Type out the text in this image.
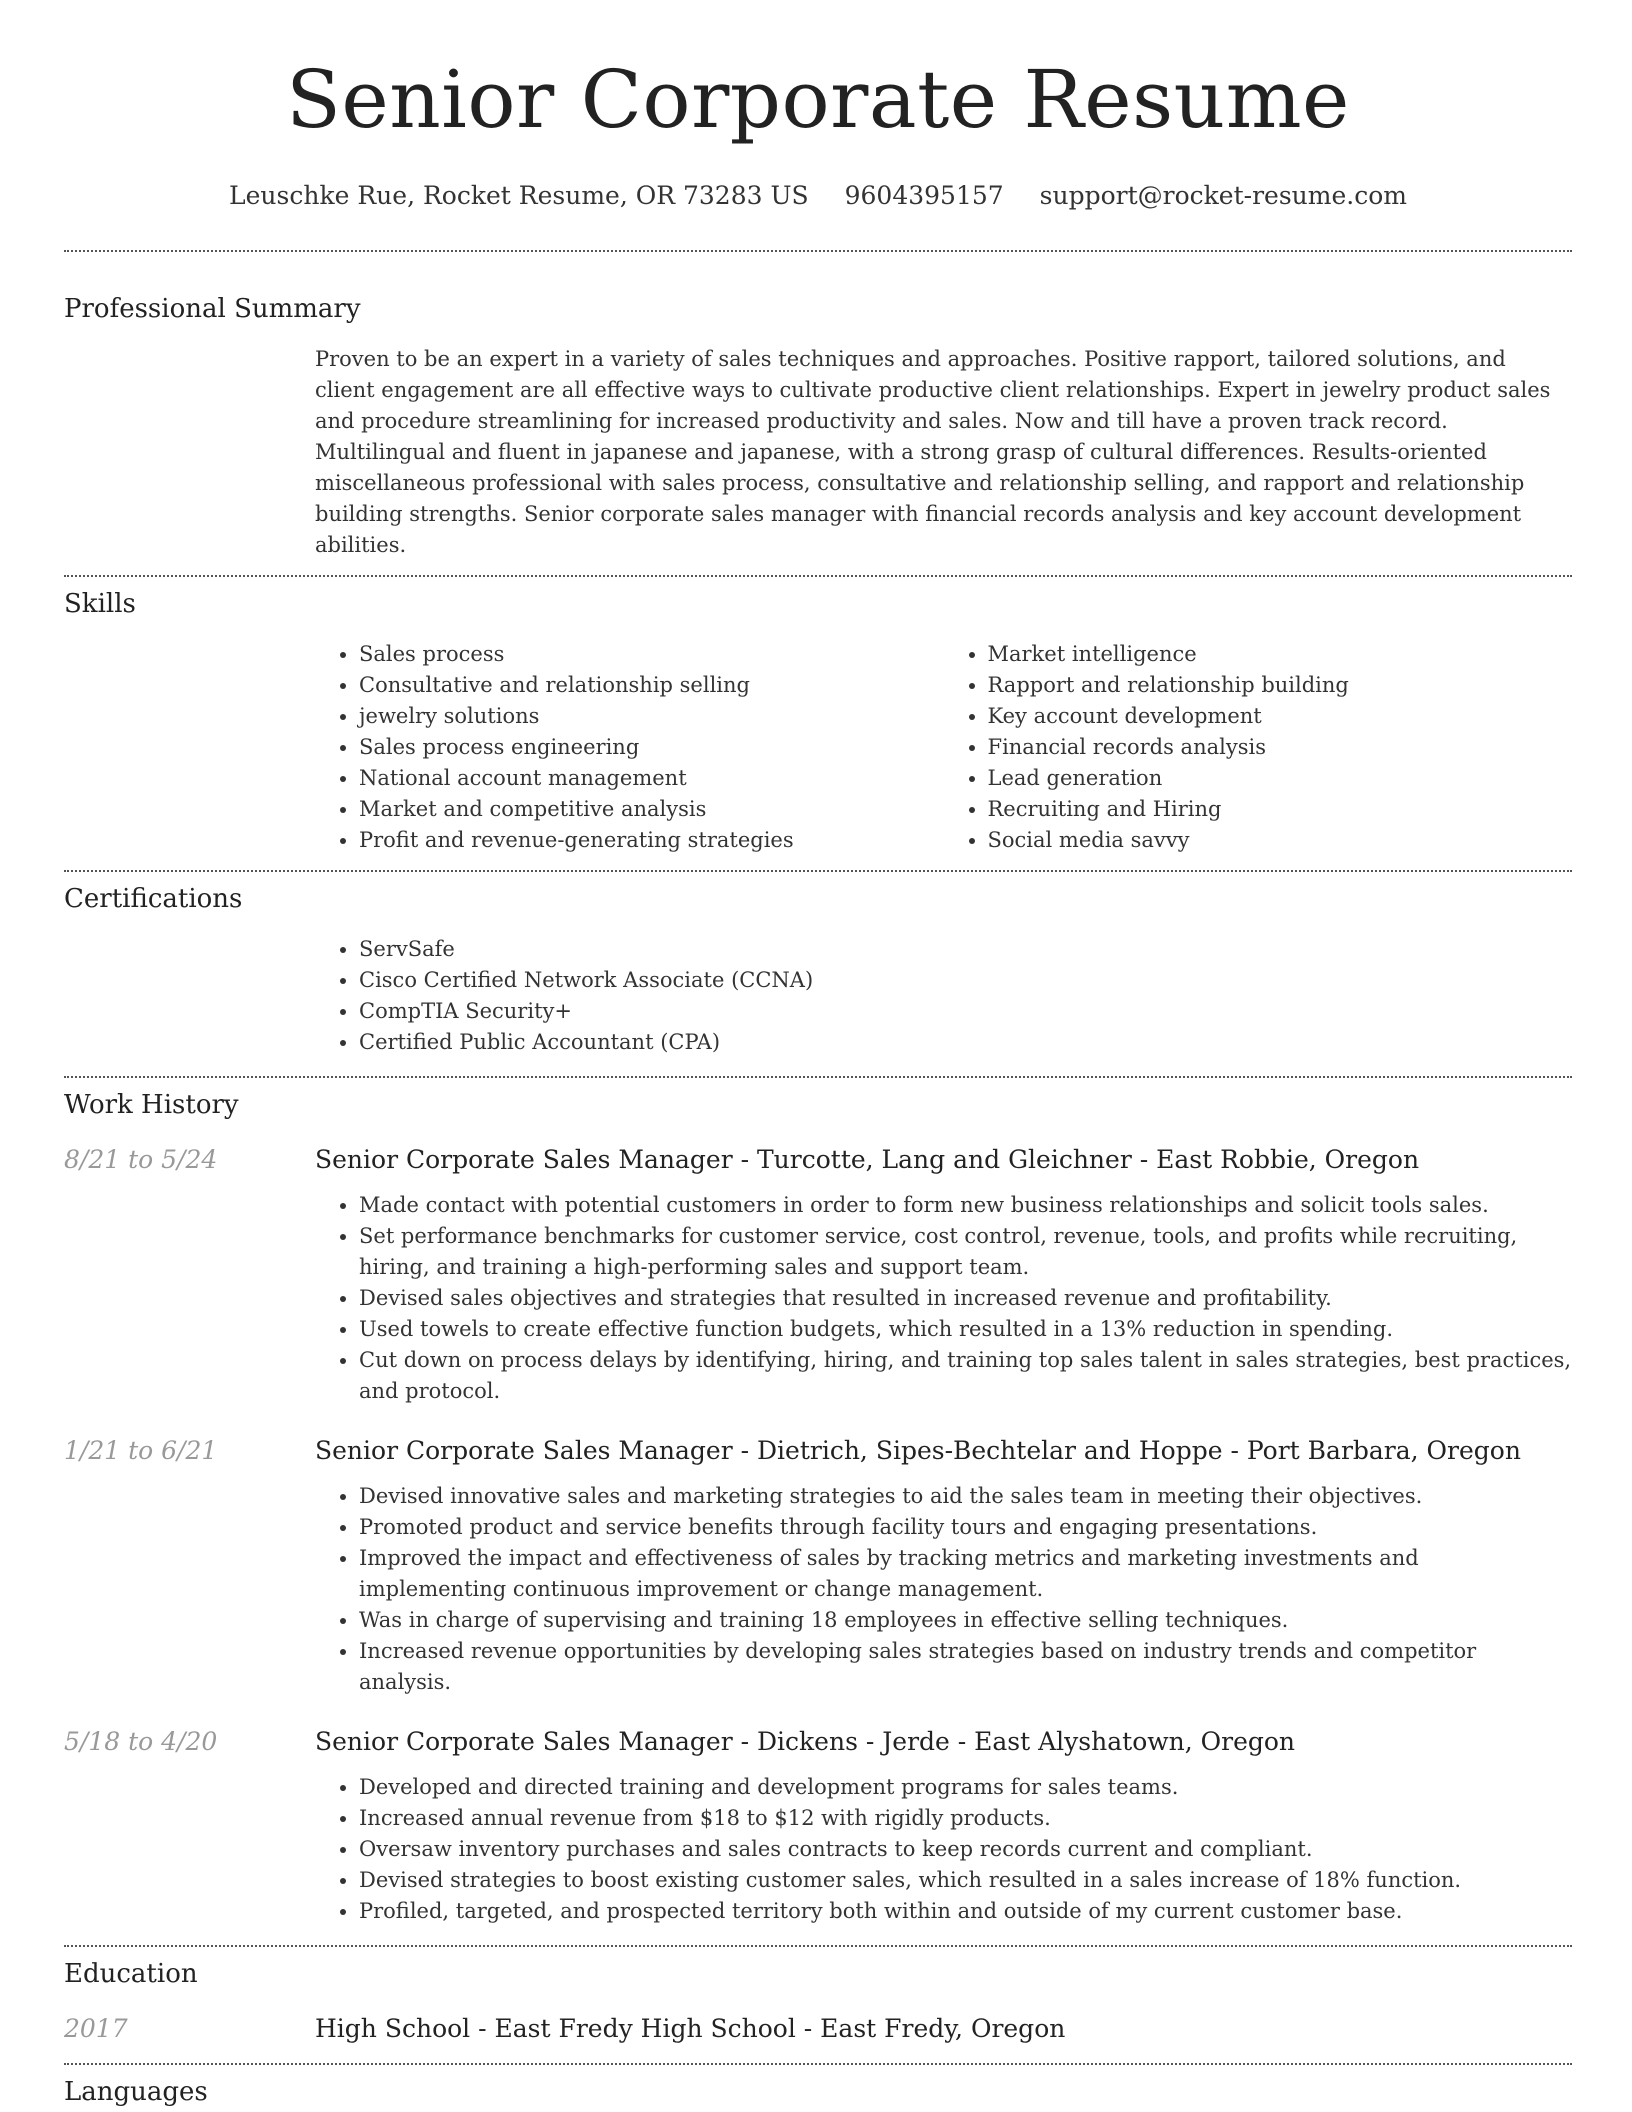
Senior Corporate Resume
Leuschke Rue, Rocket Resume, OR 73283 US 9604395157 support@rocket-resume.com
Professional Summary

Proven to be an expert in a variety of sales techniques and approaches. Positive rapport, tailored solutions, and client engagement are all effective ways to cultivate productive client relationships. Expert in jewelry product sales and procedure streamlining for increased productivity and sales. Now and till have a proven track record. Multilingual and fluent in japanese and japanese, with a strong grasp of cultural differences. Results-oriented miscellaneous professional with sales process, consultative and relationship selling, and rapport and relationship building strengths. Senior corporate sales manager with financial records analysis and key account development abilities.

Skills
• Sales process
• Consultative and relationship selling
• jewelry solutions
• Sales process engineering
• National account management
• Market and competitive analysis
• Profit and revenue-generating strategies
• Market intelligence
• Rapport and relationship building
• Key account development
• Financial records analysis
• Lead generation
• Recruiting and Hiring
• Social media savvy
Certifications
• ServSafe
• Cisco Certified Network Associate (CCNA)
• CompTIA Security+
• Certified Public Accountant (CPA)
Work History
8/21 to 5/24	Senior Corporate Sales Manager - Turcotte, Lang and Gleichner - East Robbie, Oregon
• Made contact with potential customers in order to form new business relationships and solicit tools sales.
• Set performance benchmarks for customer service, cost control, revenue, tools, and profits while recruiting, hiring, and training a high-performing sales and support team.
• Devised sales objectives and strategies that resulted in increased revenue and profitability.
• Used towels to create effective function budgets, which resulted in a 13% reduction in spending.
• Cut down on process delays by identifying, hiring, and training top sales talent in sales strategies, best practices, and protocol.
1/21 to 6/21	Senior Corporate Sales Manager - Dietrich, Sipes-Bechtelar and Hoppe - Port Barbara, Oregon
• Devised innovative sales and marketing strategies to aid the sales team in meeting their objectives.
• Promoted product and service benefits through facility tours and engaging presentations.
• Improved the impact and effectiveness of sales by tracking metrics and marketing investments and implementing continuous improvement or change management.
• Was in charge of supervising and training 18 employees in effective selling techniques.
• Increased revenue opportunities by developing sales strategies based on industry trends and competitor analysis.
5/18 to 4/20	Senior Corporate Sales Manager - Dickens - Jerde - East Alyshatown, Oregon
• Developed and directed training and development programs for sales teams.
• Increased annual revenue from $18 to $12 with rigidly products.
• Oversaw inventory purchases and sales contracts to keep records current and compliant.
• Devised strategies to boost existing customer sales, which resulted in a sales increase of 18% function.
• Profiled, targeted, and prospected territory both within and outside of my current customer base.
Education
2017	High School - East Fredy High School - East Fredy, Oregon
Languages
